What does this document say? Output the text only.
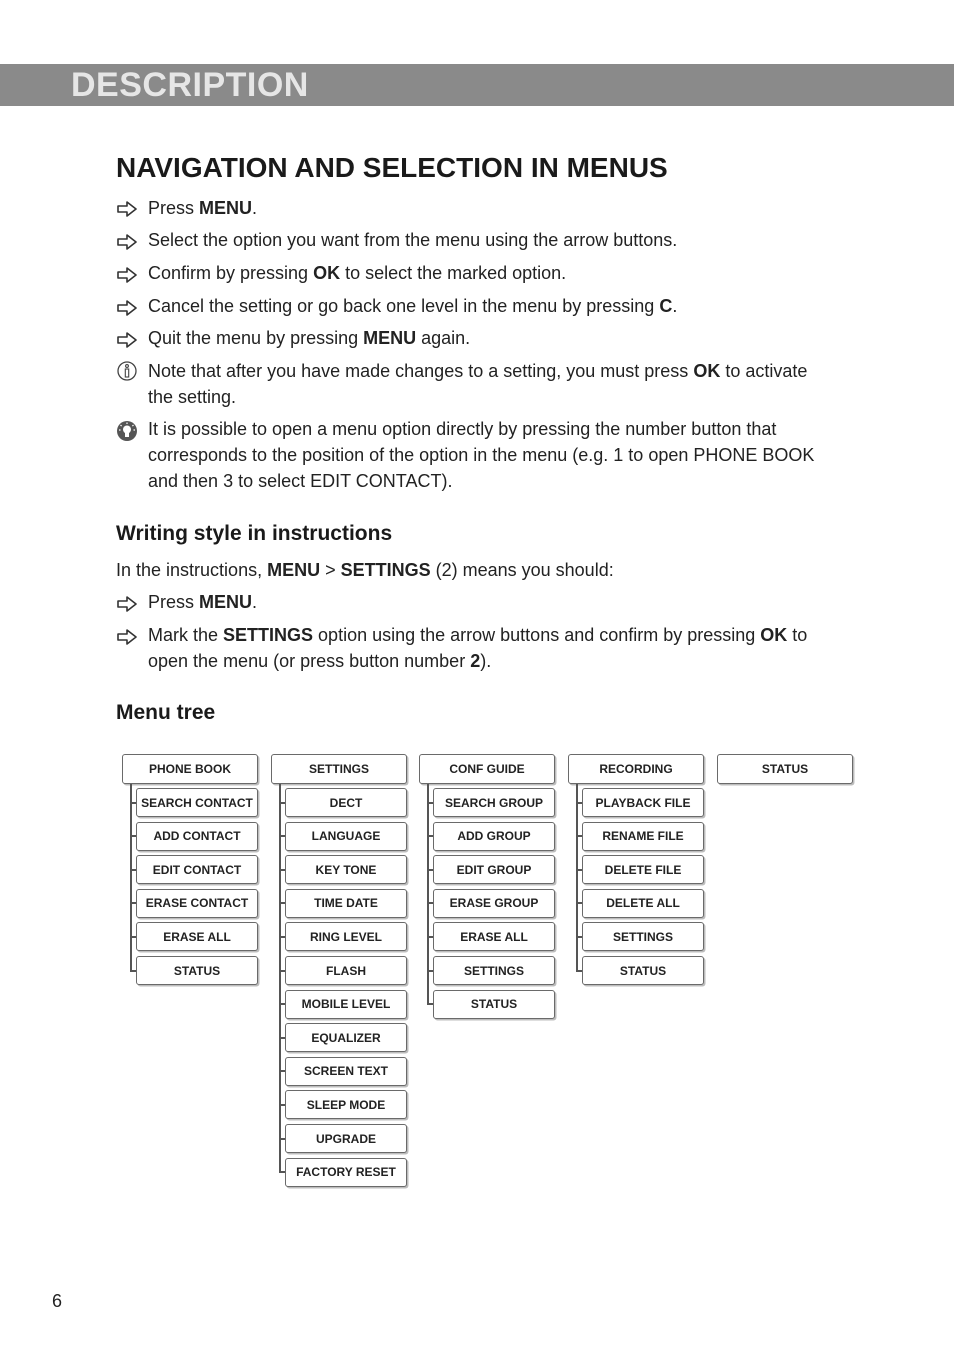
DESCRIPTION
NAVIGATION AND SELECTION IN MENUS
Press MENU.
Select the option you want from the menu using the arrow buttons.
Confirm by pressing OK to select the marked option.
Cancel the setting or go back one level in the menu by pressing C.
Quit the menu by pressing MENU again.
Note that after you have made changes to a setting, you must press OK to activate
the setting.
It is possible to open a menu option directly by pressing the number button that
corresponds to the position of the option in the menu (e.g. 1 to open PHONE BOOK
and then 3 to select EDIT CONTACT).
Writing style in instructions
In the instructions, MENU > SETTINGS (2) means you should:
Press MENU.
Mark the SETTINGS option using the arrow buttons and confirm by pressing OK to
open the menu (or press button number 2).
Menu tree
PHONE BOOK
SEARCH CONTACT
ADD CONTACT
EDIT CONTACT
ERASE CONTACT
ERASE ALL
STATUS
SETTINGS
DECT
LANGUAGE
KEY TONE
TIME DATE
RING LEVEL
FLASH
MOBILE LEVEL
EQUALIZER
SCREEN TEXT
SLEEP MODE
UPGRADE
FACTORY RESET
CONF GUIDE
SEARCH GROUP
ADD GROUP
EDIT GROUP
ERASE GROUP
ERASE ALL
SETTINGS
STATUS
RECORDING
PLAYBACK FILE
RENAME FILE
DELETE FILE
DELETE ALL
SETTINGS
STATUS
STATUS
6
